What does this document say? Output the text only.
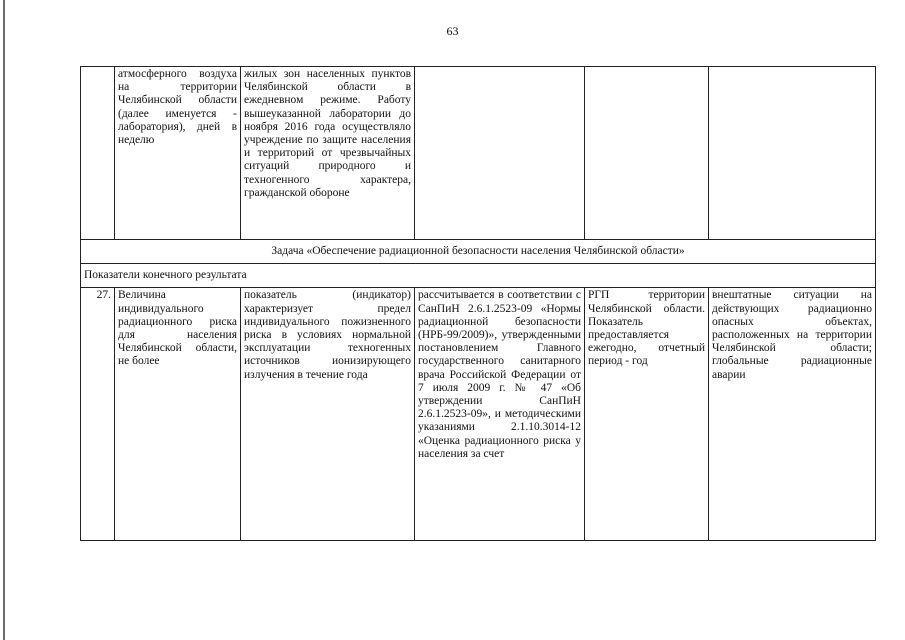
63
	атмосферного воздуха на территории Челябинской области (далее именуется - лаборатория), дней в неделю	жилых зон населенных пунктов Челябинской области в ежедневном режиме. Работу вышеуказанной лаборатории до ноября 2016 года осуществляло учреждение по защите населения и территорий от чрезвычайных ситуаций природного и техногенного характера, гражданской обороне			
Задача «Обеспечение радиационной безопасности населения Челябинской области»					
Показатели конечного результата					
27.	Величина индивидуального радиационного риска для населения Челябинской области, не более	показатель (индикатор) характеризует предел индивидуального пожизненного риска в условиях нормальной эксплуатации техногенных источников ионизирующего излучения в течение года	рассчитывается в соответствии с СанПиН 2.6.1.2523-09 «Нормы радиационной безопасности (НРБ-99/2009)», утвержденными постановлением Главного государственного санитарного врача Российской Федерации от 7 июля 2009 г. № 47 «Об утверждении СанПиН 2.6.1.2523-09», и методическими указаниями 2.1.10.3014-12 «Оценка радиационного риска у населения за счет	РГП территории Челябинской области. Показатель предоставляется ежегодно, отчетный период - год	внештатные ситуации на действующих радиационно опасных объектах, расположенных на территории Челябинской области; глобальные радиационные аварии
